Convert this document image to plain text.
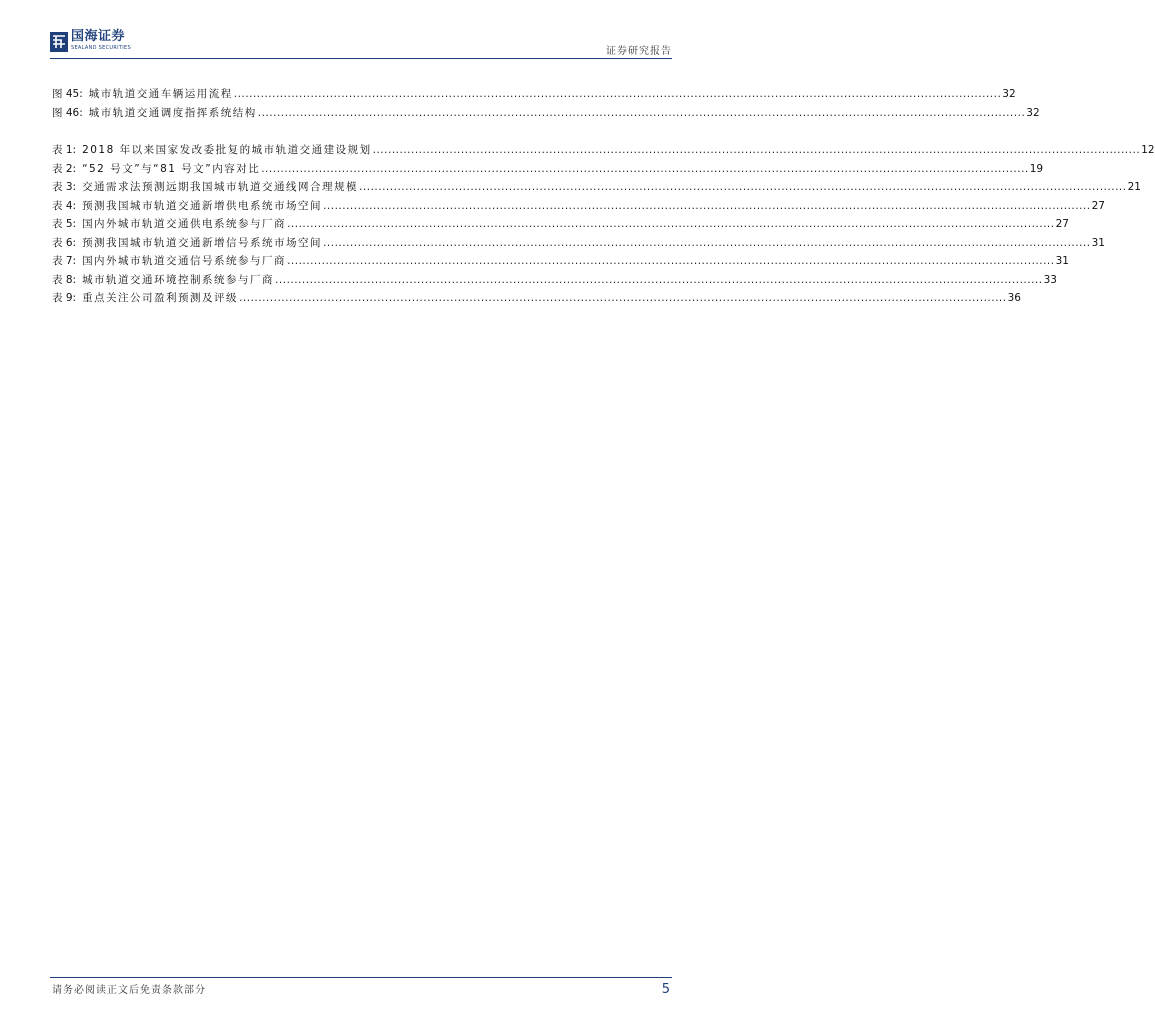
国海证券
SEALAND SECURITIES	证券研究报告
图 45: 城市轨道交通车辆运用流程 ........................................................................................................................................................................................................ 32
图 46: 城市轨道交通调度指挥系统结构 ........................................................................................................................................................................................................ 32
表 1: 2018 年以来国家发改委批复的城市轨道交通建设规划 ........................................................................................................................................................................................................ 12
表 2: “52 号文”与“81 号文”内容对比 ........................................................................................................................................................................................................ 19
表 3: 交通需求法预测远期我国城市轨道交通线网合理规模 ........................................................................................................................................................................................................ 21
表 4: 预测我国城市轨道交通新增供电系统市场空间 ........................................................................................................................................................................................................ 27
表 5: 国内外城市轨道交通供电系统参与厂商 ........................................................................................................................................................................................................ 27
表 6: 预测我国城市轨道交通新增信号系统市场空间 ........................................................................................................................................................................................................ 31
表 7: 国内外城市轨道交通信号系统参与厂商 ........................................................................................................................................................................................................ 31
表 8: 城市轨道交通环境控制系统参与厂商 ........................................................................................................................................................................................................ 33
表 9: 重点关注公司盈利预测及评级 ........................................................................................................................................................................................................ 36
请务必阅读正文后免责条款部分	5
